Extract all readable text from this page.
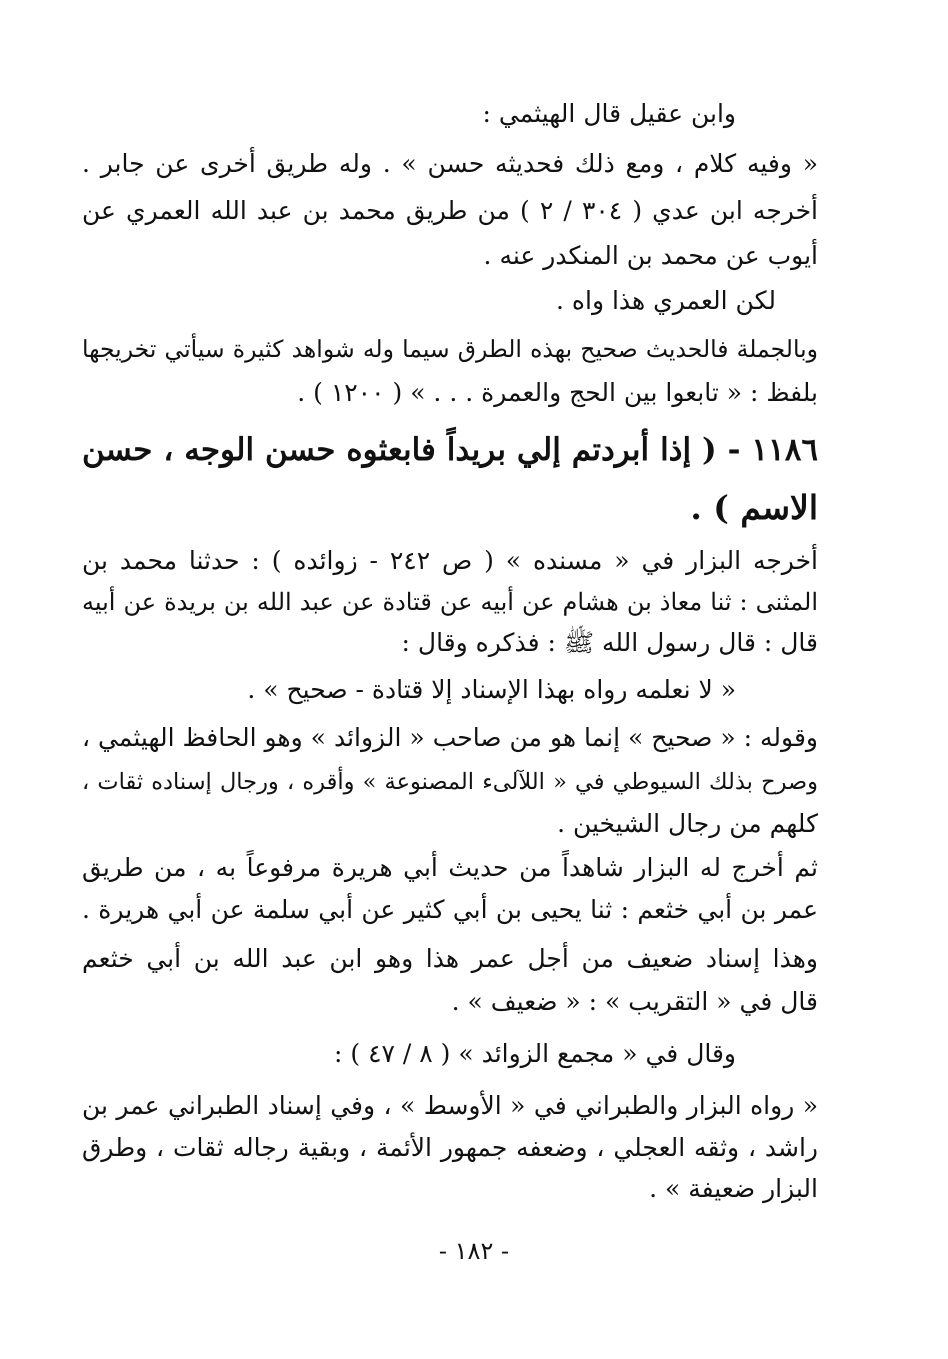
وابن عقيل قال الهيثمي :
« وفيه كلام ، ومع ذلك فحديثه حسن » . وله طريق أخرى عن جابر .
أخرجه ابن عدي ( ٣٠٤ / ٢ ) من طريق محمد بن عبد الله العمري عن
أيوب عن محمد بن المنكدر عنه .
لكن العمري هذا واه .
وبالجملة فالحديث صحيح بهذه الطرق سيما وله شواهد كثيرة سيأتي تخريجها
بلفظ : « تابعوا بين الحج والعمرة . . . » ( ١٢٠٠ ) .
١١٨٦ - ( إذا أبردتم إلي بريداً فابعثوه حسن الوجه ، حسن
الاسم ) .
أخرجه البزار في « مسنده » ( ص ٢٤٢ - زوائده ) : حدثنا محمد بن
المثنى : ثنا معاذ بن هشام عن أبيه عن قتادة عن عبد الله بن بريدة عن أبيه
قال : قال رسول الله ﷺ : فذكره وقال :
« لا نعلمه رواه بهذا الإسناد إلا قتادة - صحيح » .
وقوله : « صحيح » إنما هو من صاحب « الزوائد » وهو الحافظ الهيثمي ،
وصرح بذلك السيوطي في « اللآلىء المصنوعة » وأقره ، ورجال إسناده ثقات ،
كلهم من رجال الشيخين .
ثم أخرج له البزار شاهداً من حديث أبي هريرة مرفوعاً به ، من طريق
عمر بن أبي خثعم : ثنا يحيى بن أبي كثير عن أبي سلمة عن أبي هريرة .
وهذا إسناد ضعيف من أجل عمر هذا وهو ابن عبد الله بن أبي خثعم
قال في « التقريب » : « ضعيف » .
وقال في « مجمع الزوائد » ( ٨ / ٤٧ ) :
« رواه البزار والطبراني في « الأوسط » ، وفي إسناد الطبراني عمر بن
راشد ، وثقه العجلي ، وضعفه جمهور الأئمة ، وبقية رجاله ثقات ، وطرق
البزار ضعيفة » .
- ١٨٢ -
